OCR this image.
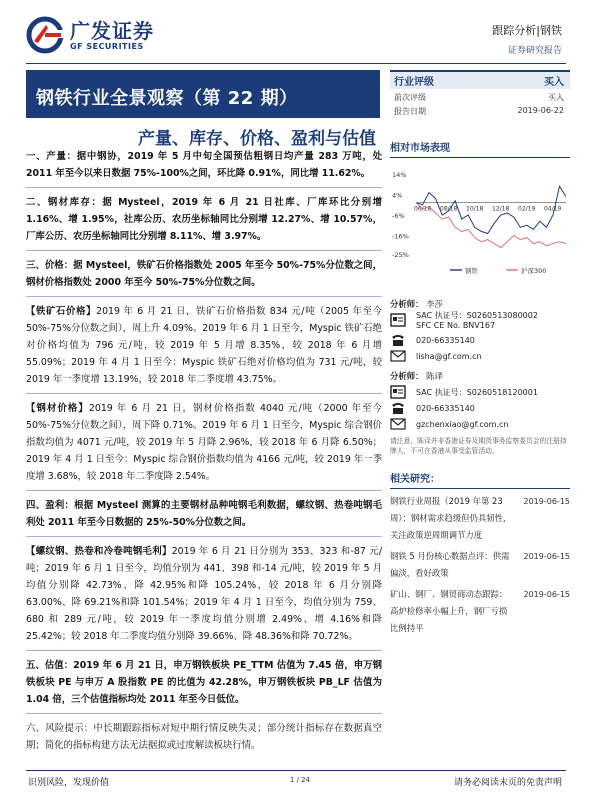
广发证券
GF SECURITIES
跟踪分析|钢铁
证券研究报告
钢铁行业全景观察（第 22 期）
产量、库存、价格、盈利与估值
一、产量：据中钢协，2019 年 5 月中旬全国预估粗钢日均产量 283 万吨，处 2011 年至今以来日数据 75%-100%之间，环比降 0.91%，同比增 11.62%。
二、钢材库存：据 Mysteel，2019 年 6 月 21 日社库、厂库环比分别增 1.16%、增 1.95%，社库公历、农历坐标轴同比分别增 12.27%、增 10.57%，厂库公历、农历坐标轴同比分别增 8.11%、增 3.97%。
三、价格：据 Mysteel，铁矿石价格指数处 2005 年至今 50%-75%分位数之间，钢材价格指数处 2000 年至今 50%-75%分位数之间。
【铁矿石价格】2019 年 6 月 21 日，铁矿石价格指数 834 元/吨（2005 年至今 50%-75%分位数之间），周上升 4.09%。2019 年 6 月 1 日至今，Myspic 铁矿石绝对价格均值为 796 元/吨，较 2019 年 5 月增 8.35%，较 2018 年 6 月增 55.09%；2019 年 4 月 1 日至今：Myspic 铁矿石绝对价格均值为 731 元/吨，较 2019 年一季度增 13.19%，较 2018 年二季度增 43.75%。
【钢材价格】2019 年 6 月 21 日，钢材价格指数 4040 元/吨（2000 年至今 50%-75%分位数之间），周下降 0.71%。2019 年 6 月 1 日至今，Myspic 综合钢价指数均值为 4071 元/吨，较 2019 年 5 月降 2.96%，较 2018 年 6 月降 6.50%；2019 年 4 月 1 日至今：Myspic 综合钢价指数均值为 4166 元/吨，较 2019 年一季度增 3.68%，较 2018 年二季度降 2.54%。
四、盈利：根据 Mysteel 测算的主要钢材品种吨钢毛利数据，螺纹钢、热卷吨钢毛利处 2011 年至今日数据的 25%-50%分位数之间。
【螺纹钢、热卷和冷卷吨钢毛利】2019 年 6 月 21 日分别为 353、323 和-87 元/吨；2019 年 6 月 1 日至今，均值分别为 441、398 和-14 元/吨，较 2019 年 5 月均值分别降 42.73%、降 42.95%和降 105.24%，较 2018 年 6 月分别降 63.00%、降 69.21%和降 101.54%；2019 年 4 月 1 日至今，均值分别为 759、680 和 289 元/吨，较 2019 年一季度均值分别增 2.49%、增 4.16%和降 25.42%；较 2018 年二季度均值分别降 39.66%、降 48.36%和降 70.72%。
五、估值：2019 年 6 月 21 日，申万钢铁板块 PE_TTM 估值为 7.45 倍，申万钢铁板块 PE 与申万 A 股指数 PE 的比值为 42.28%，申万钢铁板块 PB_LF 估值为 1.04 倍，三个估值指标均处 2011 年至今日低位。
六、风险提示：中长期跟踪指标对短中期行情反映失灵；部分统计指标存在数据真空期；简化的指标构建方法无法据拟或过度解读板块行情。
行业评级	买入
前次评级	买入
报告日期	2019-06-22
相对市场表现
14%
4%
-6%
-16%
-25%
06/18 08/18 10/18 12/18 02/19 04/19
钢铁	沪深300
分析师： 李莎
SAC 执证号：S0260513080002
SFC CE No. BNV167
020-66335140
lisha@gf.com.cn
分析师： 陈译
SAC 执证号：S0260518120001
020-66335140
gzchenxiao@gf.com.cn
请注意，陈译并非香港证券及期货事务监察委员会的注册持牌人，不可在香港从事受监管活动。
相关研究：
钢铁行业周报（2019 年第 23 周）：钢材需求趋缓但仍具韧性，关注政策逆周期调节力度
2019-06-15
钢铁 5 月份核心数据点评：供需偏淡，看好政策
2019-06-15
矿山、钢厂、钢贸商动态跟踪：高炉检修率小幅上升，钢厂亏损比例持平
2019-06-15
识别风险，发现价值	1 / 24	请务必阅读末页的免责声明
